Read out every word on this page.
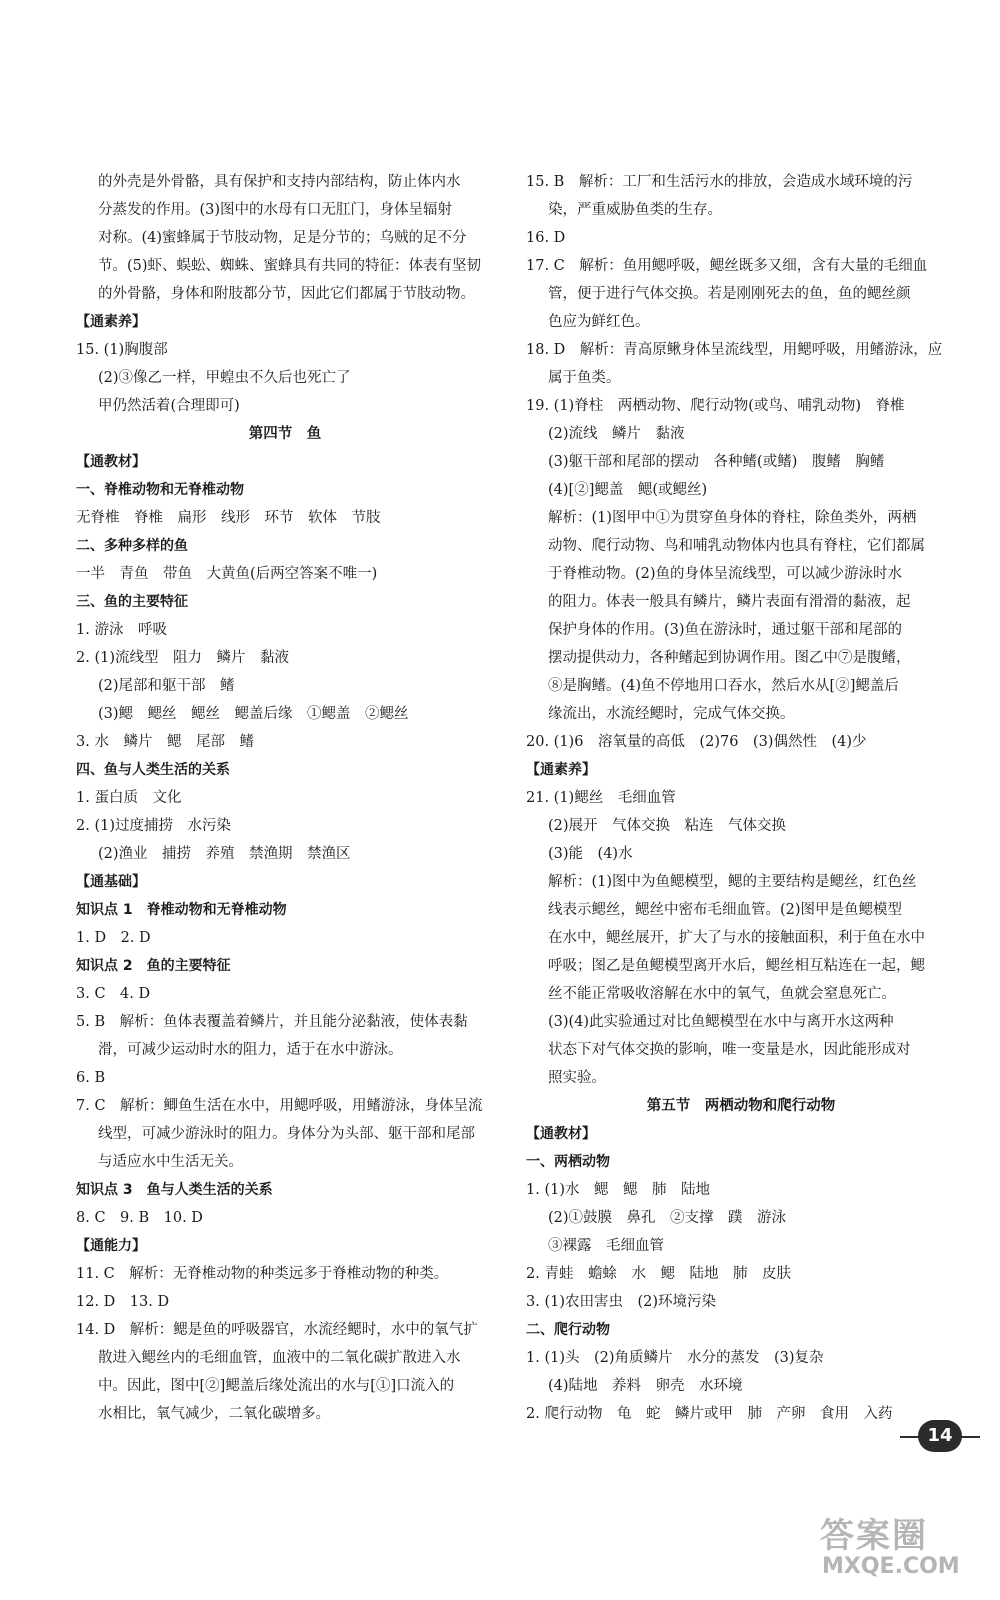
的外壳是外骨骼，具有保护和支持内部结构，防止体内水
分蒸发的作用。(3)图中的水母有口无肛门，身体呈辐射
对称。(4)蜜蜂属于节肢动物，足是分节的；乌贼的足不分
节。(5)虾、蜈蚣、蜘蛛、蜜蜂具有共同的特征：体表有坚韧
的外骨骼，身体和附肢都分节，因此它们都属于节肢动物。
【通素养】
15. (1)胸腹部
(2)③像乙一样，甲蝗虫不久后也死亡了
甲仍然活着(合理即可)
第四节　鱼
【通教材】
一、脊椎动物和无脊椎动物
无脊椎　脊椎　扁形　线形　环节　软体　节肢
二、多种多样的鱼
一半　青鱼　带鱼　大黄鱼(后两空答案不唯一)
三、鱼的主要特征
1. 游泳　呼吸
2. (1)流线型　阻力　鳞片　黏液
(2)尾部和躯干部　鳍
(3)鳃　鳃丝　鳃丝　鳃盖后缘　①鳃盖　②鳃丝
3. 水　鳞片　鳃　尾部　鳍
四、鱼与人类生活的关系
1. 蛋白质　文化
2. (1)过度捕捞　水污染
(2)渔业　捕捞　养殖　禁渔期　禁渔区
【通基础】
知识点 1　脊椎动物和无脊椎动物
1. D　2. D
知识点 2　鱼的主要特征
3. C　4. D
5. B　解析：鱼体表覆盖着鳞片，并且能分泌黏液，使体表黏
滑，可减少运动时水的阻力，适于在水中游泳。
6. B
7. C　解析：鲫鱼生活在水中，用鳃呼吸，用鳍游泳，身体呈流
线型，可减少游泳时的阻力。身体分为头部、躯干部和尾部
与适应水中生活无关。
知识点 3　鱼与人类生活的关系
8. C　9. B　10. D
【通能力】
11. C　解析：无脊椎动物的种类远多于脊椎动物的种类。
12. D　13. D
14. D　解析：鳃是鱼的呼吸器官，水流经鳃时，水中的氧气扩
散进入鳃丝内的毛细血管，血液中的二氧化碳扩散进入水
中。因此，图中[②]鳃盖后缘处流出的水与[①]口流入的
水相比，氧气减少，二氧化碳增多。
15. B　解析：工厂和生活污水的排放，会造成水域环境的污
染，严重威胁鱼类的生存。
16. D
17. C　解析：鱼用鳃呼吸，鳃丝既多又细，含有大量的毛细血
管，便于进行气体交换。若是刚刚死去的鱼，鱼的鳃丝颜
色应为鲜红色。
18. D　解析：青高原鳅身体呈流线型，用鳃呼吸，用鳍游泳，应
属于鱼类。
19. (1)脊柱　两栖动物、爬行动物(或鸟、哺乳动物)　脊椎
(2)流线　鳞片　黏液
(3)躯干部和尾部的摆动　各种鳍(或鳍)　腹鳍　胸鳍
(4)[②]鳃盖　鳃(或鳃丝)
解析：(1)图甲中①为贯穿鱼身体的脊柱，除鱼类外，两栖
动物、爬行动物、鸟和哺乳动物体内也具有脊柱，它们都属
于脊椎动物。(2)鱼的身体呈流线型，可以减少游泳时水
的阻力。体表一般具有鳞片，鳞片表面有滑滑的黏液，起
保护身体的作用。(3)鱼在游泳时，通过躯干部和尾部的
摆动提供动力，各种鳍起到协调作用。图乙中⑦是腹鳍，
⑧是胸鳍。(4)鱼不停地用口吞水，然后水从[②]鳃盖后
缘流出，水流经鳃时，完成气体交换。
20. (1)6　溶氧量的高低　(2)76　(3)偶然性　(4)少
【通素养】
21. (1)鳃丝　毛细血管
(2)展开　气体交换　粘连　气体交换
(3)能　(4)水
解析：(1)图中为鱼鳃模型，鳃的主要结构是鳃丝，红色丝
线表示鳃丝，鳃丝中密布毛细血管。(2)图甲是鱼鳃模型
在水中，鳃丝展开，扩大了与水的接触面积，利于鱼在水中
呼吸；图乙是鱼鳃模型离开水后，鳃丝相互粘连在一起，鳃
丝不能正常吸收溶解在水中的氧气，鱼就会窒息死亡。
(3)(4)此实验通过对比鱼鳃模型在水中与离开水这两种
状态下对气体交换的影响，唯一变量是水，因此能形成对
照实验。
第五节　两栖动物和爬行动物
【通教材】
一、两栖动物
1. (1)水　鳃　鳃　肺　陆地
(2)①鼓膜　鼻孔　②支撑　蹼　游泳
③裸露　毛细血管
2. 青蛙　蟾蜍　水　鳃　陆地　肺　皮肤
3. (1)农田害虫　(2)环境污染
二、爬行动物
1. (1)头　(2)角质鳞片　水分的蒸发　(3)复杂
(4)陆地　养料　卵壳　水环境
2. 爬行动物　龟　蛇　鳞片或甲　肺　产卵　食用　入药
14
答案圈
MXQE.COM
